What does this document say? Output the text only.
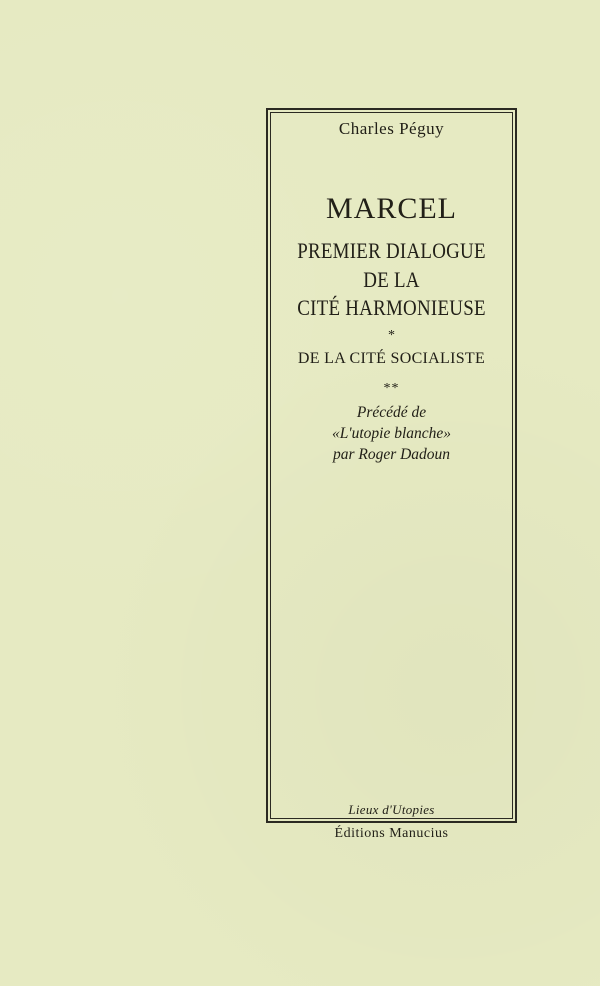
Charles Péguy
MARCEL
PREMIER DIALOGUE
DE LA
CITÉ HARMONIEUSE
*
DE LA CITÉ SOCIALISTE
**
Précédé de
«L'utopie blanche»
par Roger Dadoun
Lieux d'Utopies
Éditions Manucius
